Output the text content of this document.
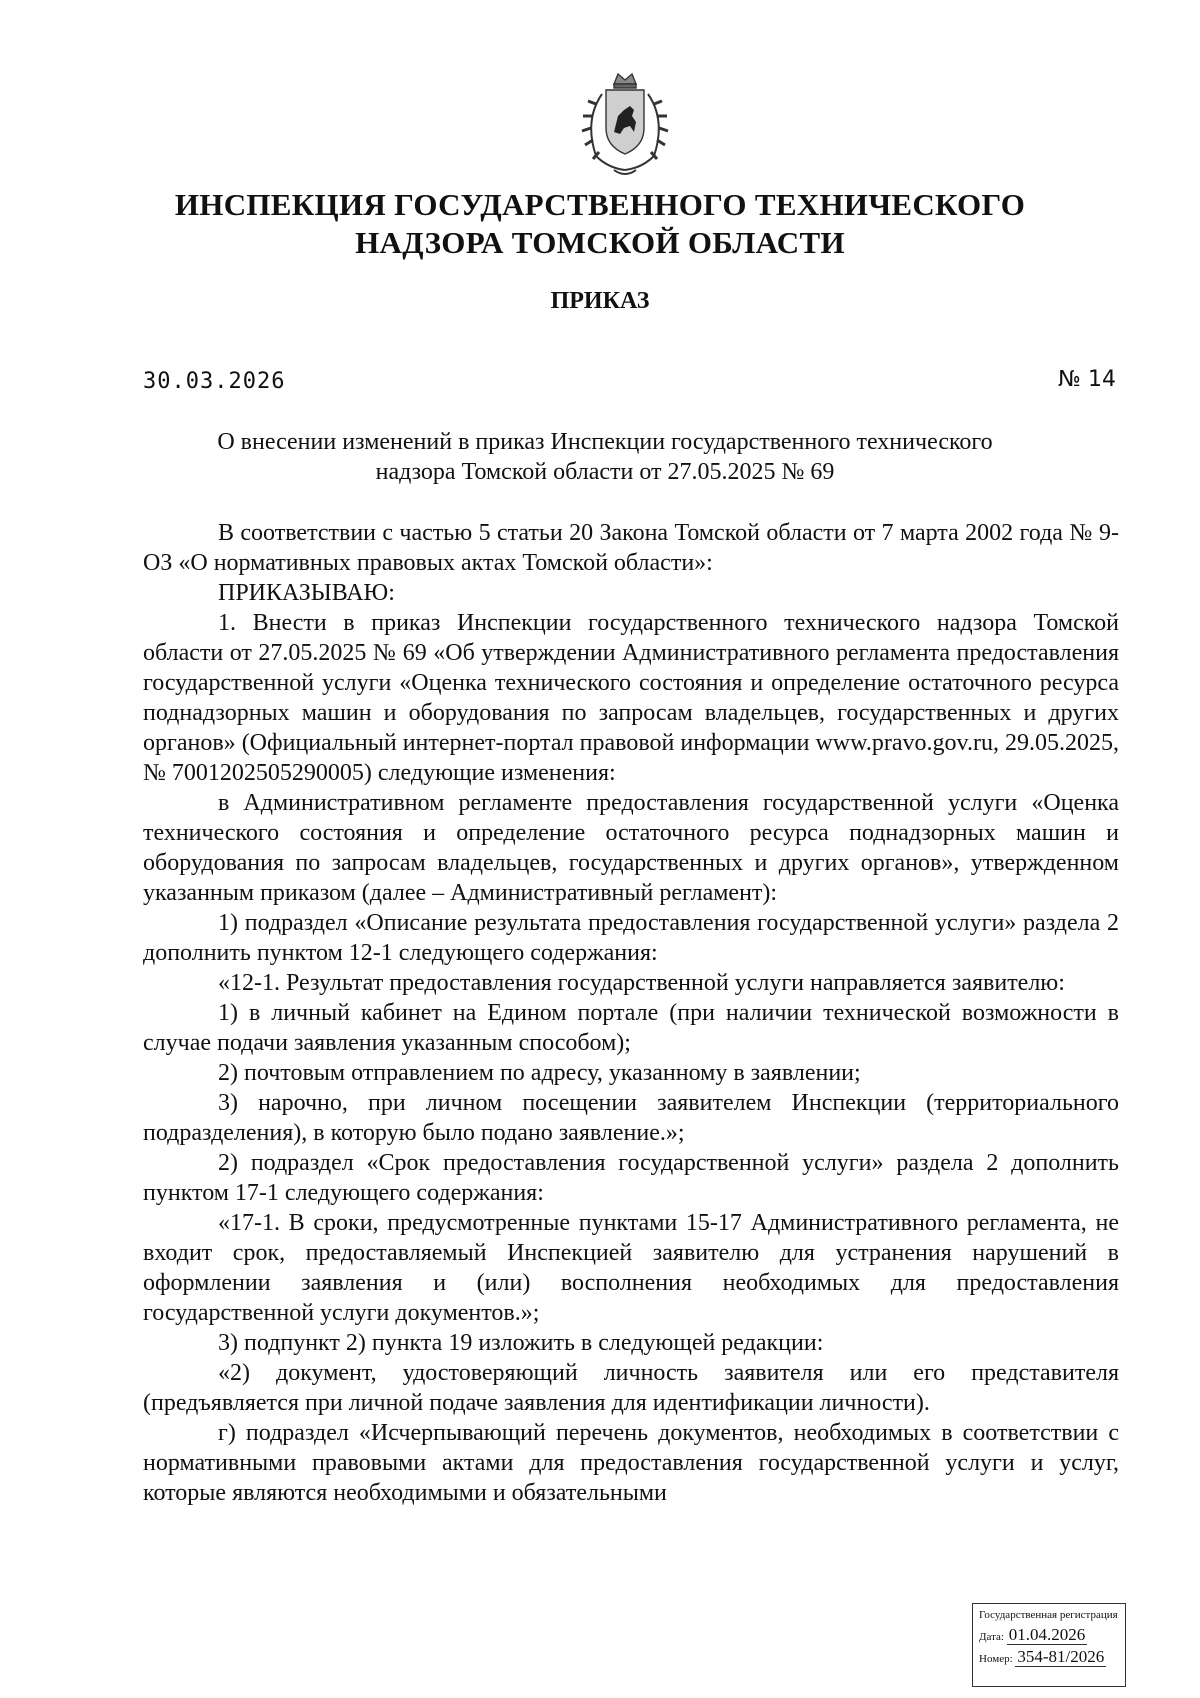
ИНСПЕКЦИЯ ГОСУДАРСТВЕННОГО ТЕХНИЧЕСКОГО
НАДЗОРА ТОМСКОЙ ОБЛАСТИ
ПРИКАЗ
30.03.2026	№ 14
О внесении изменений в приказ Инспекции государственного технического
надзора Томской области от 27.05.2025 № 69

В соответствии с частью 5 статьи 20 Закона Томской области от 7 марта 2002 года № 9-ОЗ «О нормативных правовых актах Томской области»:

ПРИКАЗЫВАЮ:

1. Внести в приказ Инспекции государственного технического надзора Томской области от 27.05.2025 № 69 «Об утверждении Административного регламента предоставления государственной услуги «Оценка технического состояния и определение остаточного ресурса поднадзорных машин и оборудования по запросам владельцев, государственных и других органов» (Официальный интернет-портал правовой информации www.pravo.gov.ru, 29.05.2025, № 7001202505290005) следующие изменения:

в Административном регламенте предоставления государственной услуги «Оценка технического состояния и определение остаточного ресурса поднадзорных машин и оборудования по запросам владельцев, государственных и других органов», утвержденном указанным приказом (далее – Административный регламент):

1) подраздел «Описание результата предоставления государственной услуги» раздела 2 дополнить пунктом 12-1 следующего содержания:

«12-1. Результат предоставления государственной услуги направляется заявителю:

1) в личный кабинет на Едином портале (при наличии технической возможности в случае подачи заявления указанным способом);

2) почтовым отправлением по адресу, указанному в заявлении;

3) нарочно, при личном посещении заявителем Инспекции (территориального подразделения), в которую было подано заявление.»;

2) подраздел «Срок предоставления государственной услуги» раздела 2 дополнить пунктом 17-1 следующего содержания:

«17-1. В сроки, предусмотренные пунктами 15-17 Административного регламента, не входит срок, предоставляемый Инспекцией заявителю для устранения нарушений в оформлении заявления и (или) восполнения необходимых для предоставления государственной услуги документов.»;

3) подпункт 2) пункта 19 изложить в следующей редакции:

«2) документ, удостоверяющий личность заявителя или его представителя (предъявляется при личной подаче заявления для идентификации личности).

г) подраздел «Исчерпывающий перечень документов, необходимых в соответствии с нормативными правовыми актами для предоставления государственной услуги и услуг, которые являются необходимыми и обязательными

Государственная регистрация
Дата: 01.04.2026
Номер: 354-81/2026
